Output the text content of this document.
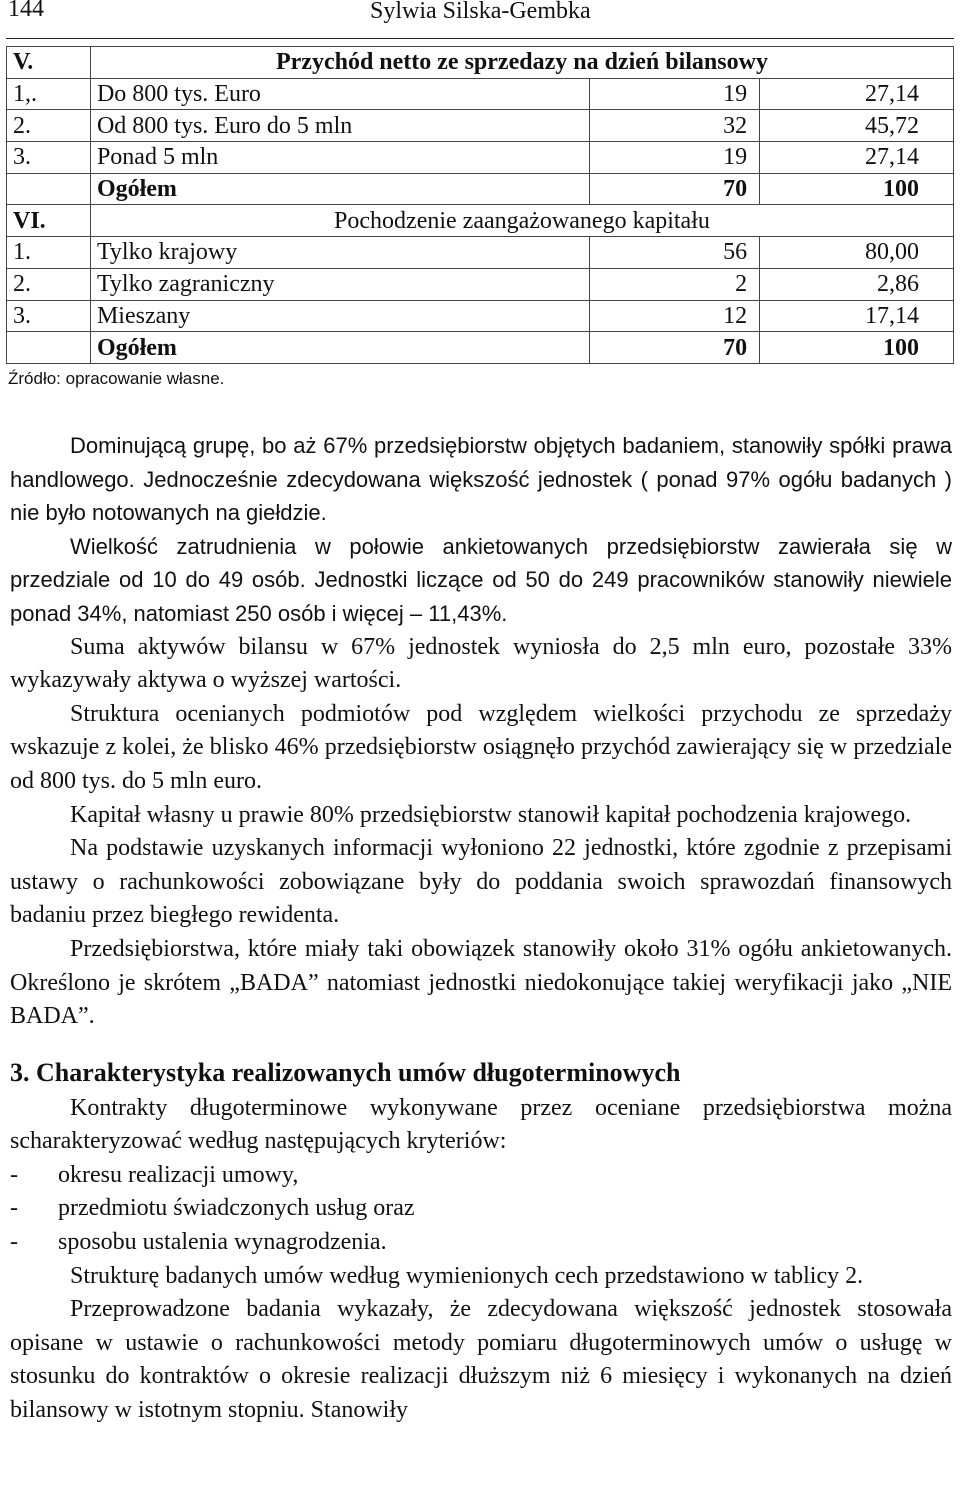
144	Sylwia Silska-Gembka
V.	Przychód netto ze sprzedazy na dzień bilansowy		
1,.	Do 800 tys. Euro	19	27,14
2.	Od 800 tys. Euro do 5 mln	32	45,72
3.	Ponad 5 mln	19	27,14
	Ogółem	70	100
VI.	Pochodzenie zaangażowanego kapitału		
1.	Tylko krajowy	56	80,00
2.	Tylko zagraniczny	2	2,86
3.	Mieszany	12	17,14
	Ogółem	70	100
Źródło: opracowanie własne.

Dominującą grupę, bo aż 67% przedsiębiorstw objętych badaniem, stanowiły spółki prawa handlowego. Jednocześnie zdecydowana większość jednostek ( ponad 97% ogółu badanych ) nie było notowanych na giełdzie.

Wielkość zatrudnienia w połowie ankietowanych przedsiębiorstw zawierała się w przedziale od 10 do 49 osób. Jednostki liczące od 50 do 249 pracowników stanowiły niewiele ponad 34%, natomiast 250 osób i więcej – 11,43%.

Suma aktywów bilansu w 67% jednostek wyniosła do 2,5 mln euro, pozostałe 33% wykazywały aktywa o wyższej wartości.

Struktura ocenianych podmiotów pod względem wielkości przychodu ze sprzedaży wskazuje z kolei, że blisko 46% przedsiębiorstw osiągnęło przychód zawierający się w przedziale od 800 tys. do 5 mln euro.

Kapitał własny u prawie 80% przedsiębiorstw stanowił kapitał pochodzenia krajowego.

Na podstawie uzyskanych informacji wyłoniono 22 jednostki, które zgodnie z przepisami ustawy o rachunkowości zobowiązane były do poddania swoich sprawozdań finansowych badaniu przez biegłego rewidenta.

Przedsiębiorstwa, które miały taki obowiązek stanowiły około 31% ogółu ankietowanych. Określono je skrótem „BADA” natomiast jednostki niedokonujące takiej weryfikacji jako „NIE BADA”.

3. Charakterystyka realizowanych umów długoterminowych

Kontrakty długoterminowe wykonywane przez oceniane przedsiębiorstwa można scharakteryzować według następujących kryteriów:

-	okresu realizacji umowy,
-	przedmiotu świadczonych usług oraz
-	sposobu ustalenia wynagrodzenia.

Strukturę badanych umów według wymienionych cech przedstawiono w tablicy 2.

Przeprowadzone badania wykazały, że zdecydowana większość jednostek stosowała opisane w ustawie o rachunkowości metody pomiaru długoterminowych umów o usługę w stosunku do kontraktów o okresie realizacji dłuższym niż 6 miesięcy i wykonanych na dzień bilansowy w istotnym stopniu. Stanowiły
